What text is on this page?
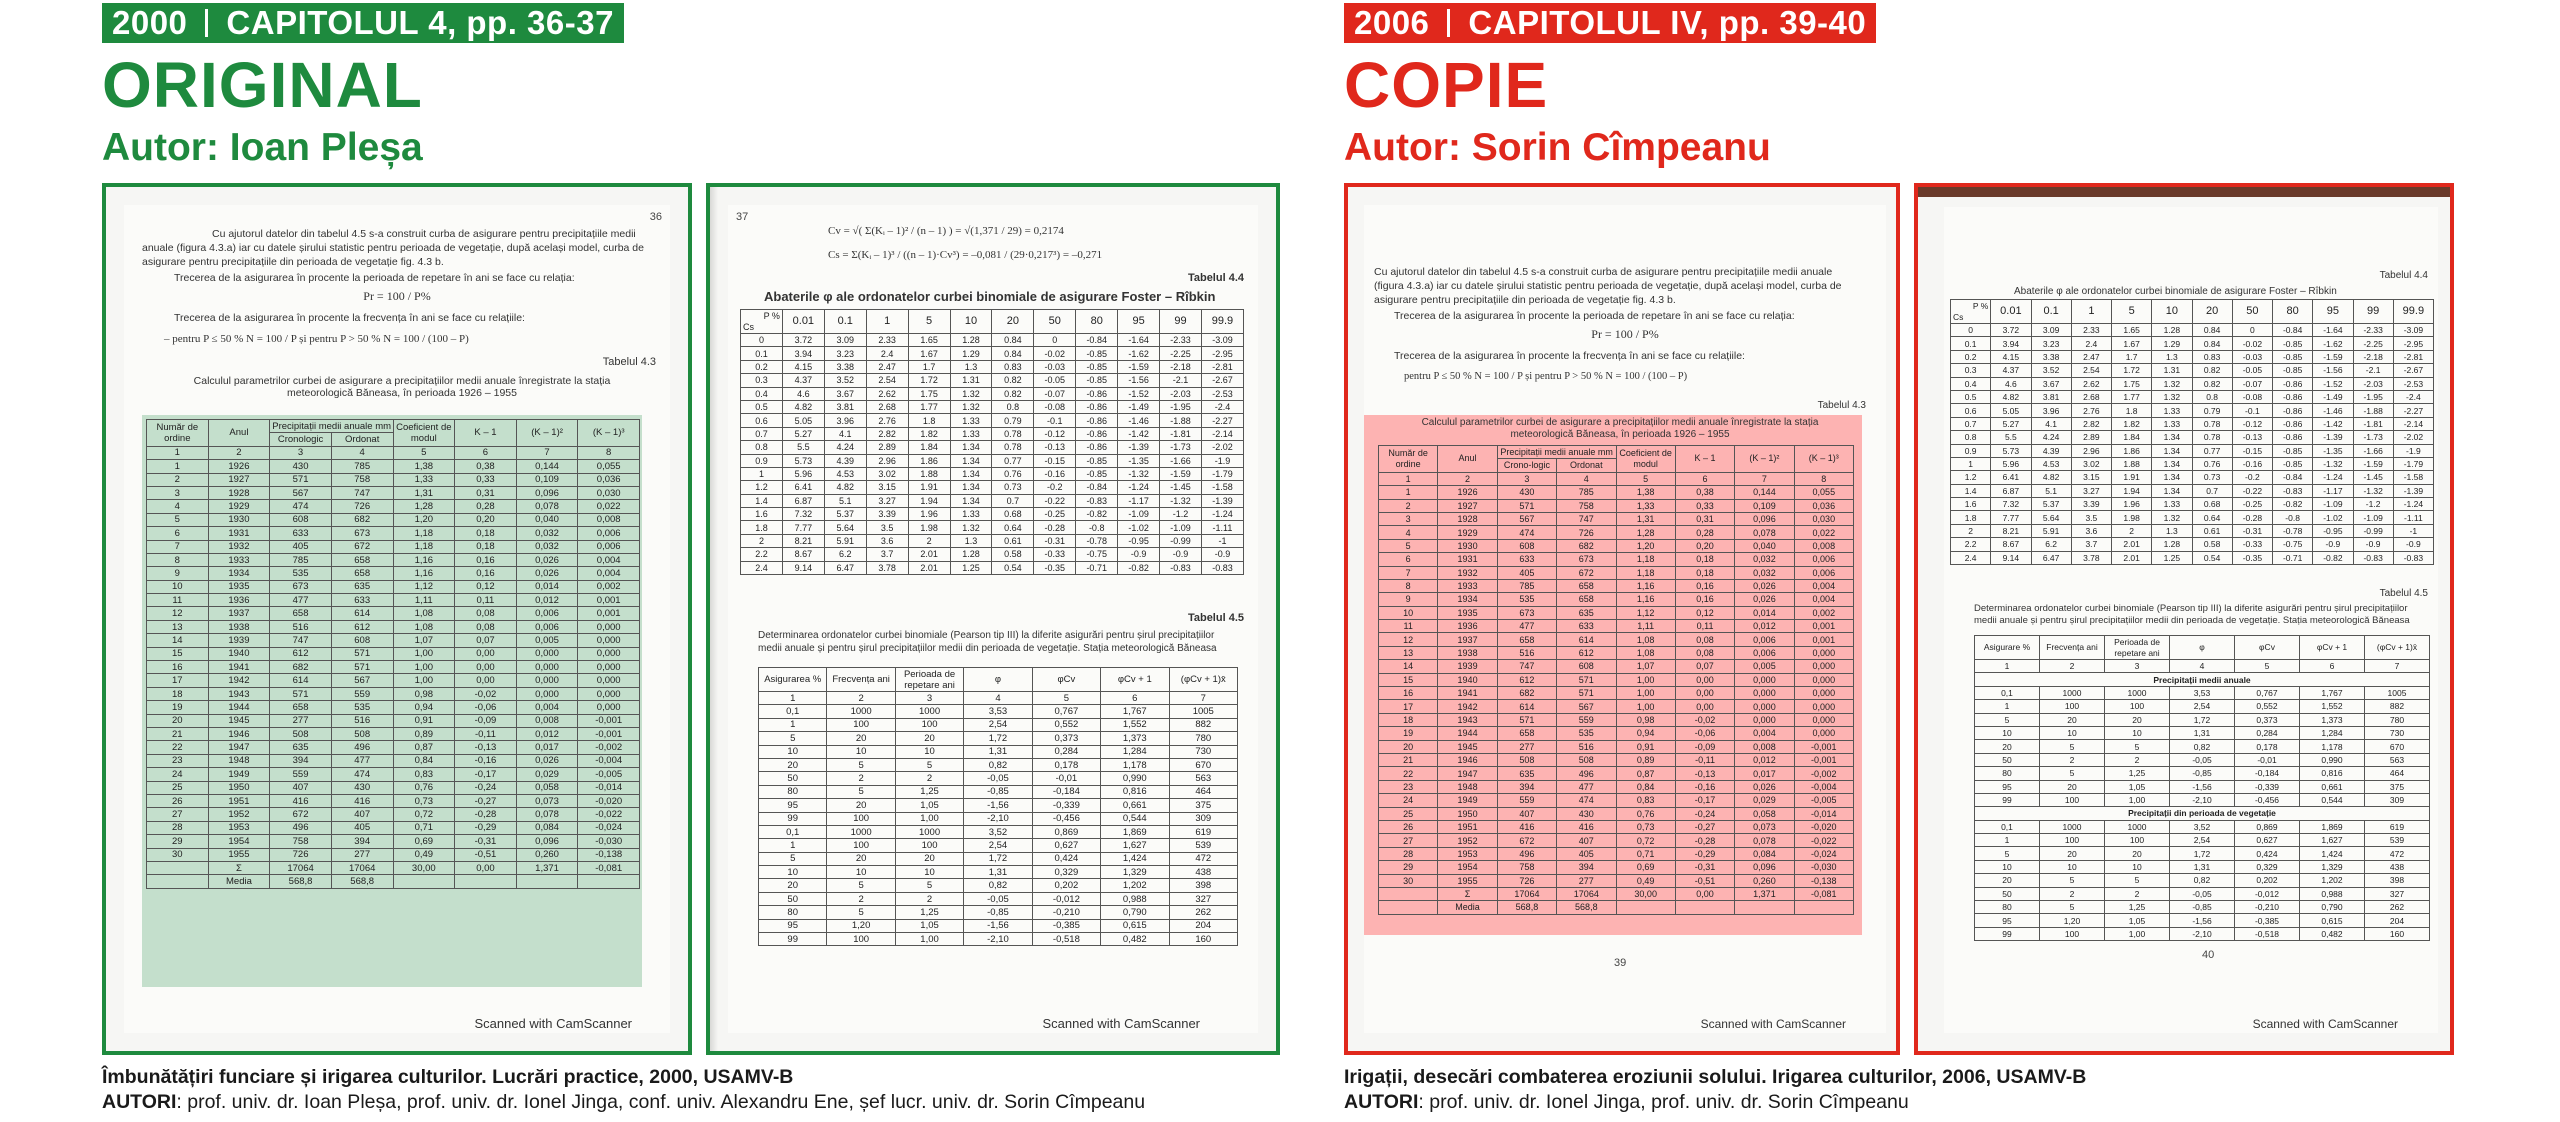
2000 CAPITOLUL 4, pp. 36-37
ORIGINAL
Autor: Ioan Pleșa
36
Cu ajutorul datelor din tabelul 4.5 s-a construit curba de asigurare pentru precipitațiile medii anuale (figura 4.3.a) iar cu datele șirului statistic pentru perioada de vegetație, după același model, curba de asigurare pentru precipitațiile din perioada de vegetație fig. 4.3 b.
Trecerea de la asigurarea în procente la perioada de repetare în ani se face cu relația:
Pr = 100 / P%
Trecerea de la asigurarea în procente la frecvența în ani se face cu relațiile:
– pentru P ≤ 50 % N = 100 / P și pentru P > 50 % N = 100 / (100 – P)
Tabelul 4.3
Calculul parametrilor curbei de asigurare a precipitațiilor medii anuale înregistrate la stația meteorologică Băneasa, în perioada 1926 – 1955
Număr de ordine	Anul	Precipitații medii anuale mm		Coeficient de modul	K – 1	(K – 1)²	(K – 1)³
		Cronologic	Ordonat				
1	2	3	4	5	6	7	8
1	1926	430	785	1,38	0,38	0,144	0,055
2	1927	571	758	1,33	0,33	0,109	0,036
3	1928	567	747	1,31	0,31	0,096	0,030
4	1929	474	726	1,28	0,28	0,078	0,022
5	1930	608	682	1,20	0,20	0,040	0,008
6	1931	633	673	1,18	0,18	0,032	0,006
7	1932	405	672	1,18	0,18	0,032	0,006
8	1933	785	658	1,16	0,16	0,026	0,004
9	1934	535	658	1,16	0,16	0,026	0,004
10	1935	673	635	1,12	0,12	0,014	0,002
11	1936	477	633	1,11	0,11	0,012	0,001
12	1937	658	614	1,08	0,08	0,006	0,001
13	1938	516	612	1,08	0,08	0,006	0,000
14	1939	747	608	1,07	0,07	0,005	0,000
15	1940	612	571	1,00	0,00	0,000	0,000
16	1941	682	571	1,00	0,00	0,000	0,000
17	1942	614	567	1,00	0,00	0,000	0,000
18	1943	571	559	0,98	-0,02	0,000	0,000
19	1944	658	535	0,94	-0,06	0,004	0,000
20	1945	277	516	0,91	-0,09	0,008	-0,001
21	1946	508	508	0,89	-0,11	0,012	-0,001
22	1947	635	496	0,87	-0,13	0,017	-0,002
23	1948	394	477	0,84	-0,16	0,026	-0,004
24	1949	559	474	0,83	-0,17	0,029	-0,005
25	1950	407	430	0,76	-0,24	0,058	-0,014
26	1951	416	416	0,73	-0,27	0,073	-0,020
27	1952	672	407	0,72	-0,28	0,078	-0,022
28	1953	496	405	0,71	-0,29	0,084	-0,024
29	1954	758	394	0,69	-0,31	0,096	-0,030
30	1955	726	277	0,49	-0,51	0,260	-0,138
	Σ	17064	17064	30,00	0,00	1,371	-0,081
	Media	568,8	568,8				
Scanned with CamScanner
37
Cv = √( Σ(Kᵢ – 1)² / (n – 1) ) = √(1,371 / 29) = 0,2174
Cs = Σ(Kᵢ – 1)³ / ((n – 1)·Cv³) = –0,081 / (29·0,217³) = –0,271
Tabelul 4.4
Abaterile φ ale ordonatelor curbei binomiale de asigurare Foster – Rîbkin
P %
Cs	0.01	0.1	1	5	10	20	50	80	95	99	99.9
0	3.72	3.09	2.33	1.65	1.28	0.84	0	-0.84	-1.64	-2.33	-3.09
0.1	3.94	3.23	2.4	1.67	1.29	0.84	-0.02	-0.85	-1.62	-2.25	-2.95
0.2	4.15	3.38	2.47	1.7	1.3	0.83	-0.03	-0.85	-1.59	-2.18	-2.81
0.3	4.37	3.52	2.54	1.72	1.31	0.82	-0.05	-0.85	-1.56	-2.1	-2.67
0.4	4.6	3.67	2.62	1.75	1.32	0.82	-0.07	-0.86	-1.52	-2.03	-2.53
0.5	4.82	3.81	2.68	1.77	1.32	0.8	-0.08	-0.86	-1.49	-1.95	-2.4
0.6	5.05	3.96	2.76	1.8	1.33	0.79	-0.1	-0.86	-1.46	-1.88	-2.27
0.7	5.27	4.1	2.82	1.82	1.33	0.78	-0.12	-0.86	-1.42	-1.81	-2.14
0.8	5.5	4.24	2.89	1.84	1.34	0.78	-0.13	-0.86	-1.39	-1.73	-2.02
0.9	5.73	4.39	2.96	1.86	1.34	0.77	-0.15	-0.85	-1.35	-1.66	-1.9
1	5.96	4.53	3.02	1.88	1.34	0.76	-0.16	-0.85	-1.32	-1.59	-1.79
1.2	6.41	4.82	3.15	1.91	1.34	0.73	-0.2	-0.84	-1.24	-1.45	-1.58
1.4	6.87	5.1	3.27	1.94	1.34	0.7	-0.22	-0.83	-1.17	-1.32	-1.39
1.6	7.32	5.37	3.39	1.96	1.33	0.68	-0.25	-0.82	-1.09	-1.2	-1.24
1.8	7.77	5.64	3.5	1.98	1.32	0.64	-0.28	-0.8	-1.02	-1.09	-1.11
2	8.21	5.91	3.6	2	1.3	0.61	-0.31	-0.78	-0.95	-0.99	-1
2.2	8.67	6.2	3.7	2.01	1.28	0.58	-0.33	-0.75	-0.9	-0.9	-0.9
2.4	9.14	6.47	3.78	2.01	1.25	0.54	-0.35	-0.71	-0.82	-0.83	-0.83
Tabelul 4.5
Determinarea ordonatelor curbei binomiale (Pearson tip III) la diferite asigurări pentru șirul precipitațiilor medii anuale și pentru șirul precipitațiilor medii din perioada de vegetație. Stația meteorologică Băneasa
Asigurarea %	Frecvența ani	Perioada de repetare ani	φ	φCv	φCv + 1	(φCv + 1)x̄
1	2	3	4	5	6	7
0,1	1000	1000	3,53	0,767	1,767	1005
1	100	100	2,54	0,552	1,552	882
5	20	20	1,72	0,373	1,373	780
10	10	10	1,31	0,284	1,284	730
20	5	5	0,82	0,178	1,178	670
50	2	2	-0,05	-0,01	0,990	563
80	5	1,25	-0,85	-0,184	0,816	464
95	20	1,05	-1,56	-0,339	0,661	375
99	100	1,00	-2,10	-0,456	0,544	309
0,1	1000	1000	3,52	0,869	1,869	619
1	100	100	2,54	0,627	1,627	539
5	20	20	1,72	0,424	1,424	472
10	10	10	1,31	0,329	1,329	438
20	5	5	0,82	0,202	1,202	398
50	2	2	-0,05	-0,012	0,988	327
80	5	1,25	-0,85	-0,210	0,790	262
95	1,20	1,05	-1,56	-0,385	0,615	204
99	100	1,00	-2,10	-0,518	0,482	160
Scanned with CamScanner
Îmbunătățiri funciare și irigarea culturilor. Lucrări practice, 2000, USAMV-B
AUTORI: prof. univ. dr. Ioan Pleșa, prof. univ. dr. Ionel Jinga, conf. univ. Alexandru Ene, șef lucr. univ. dr. Sorin Cîmpeanu
2006 CAPITOLUL IV, pp. 39-40
COPIE
Autor: Sorin Cîmpeanu
Cu ajutorul datelor din tabelul 4.5 s-a construit curba de asigurare pentru precipitațiile medii anuale (figura 4.3.a) iar cu datele șirului statistic pentru perioada de vegetație, după același model, curba de asigurare pentru precipitațiile din perioada de vegetație fig. 4.3 b.
Trecerea de la asigurarea în procente la perioada de repetare în ani se face cu relația:
Pr = 100 / P%
Trecerea de la asigurarea în procente la frecvența în ani se face cu relațiile:
pentru P ≤ 50 % N = 100 / P și pentru P > 50 % N = 100 / (100 – P)
Tabelul 4.3
Calculul parametrilor curbei de asigurare a precipitațiilor medii anuale înregistrate la stația meteorologică Băneasa, în perioada 1926 – 1955
Număr de ordine	Anul	Precipitații medii anuale mm		Coeficient de modul	K – 1	(K – 1)²	(K – 1)³
		Crono-logic	Ordonat				
1	2	3	4	5	6	7	8
1	1926	430	785	1,38	0,38	0,144	0,055
2	1927	571	758	1,33	0,33	0,109	0,036
3	1928	567	747	1,31	0,31	0,096	0,030
4	1929	474	726	1,28	0,28	0,078	0,022
5	1930	608	682	1,20	0,20	0,040	0,008
6	1931	633	673	1,18	0,18	0,032	0,006
7	1932	405	672	1,18	0,18	0,032	0,006
8	1933	785	658	1,16	0,16	0,026	0,004
9	1934	535	658	1,16	0,16	0,026	0,004
10	1935	673	635	1,12	0,12	0,014	0,002
11	1936	477	633	1,11	0,11	0,012	0,001
12	1937	658	614	1,08	0,08	0,006	0,001
13	1938	516	612	1,08	0,08	0,006	0,000
14	1939	747	608	1,07	0,07	0,005	0,000
15	1940	612	571	1,00	0,00	0,000	0,000
16	1941	682	571	1,00	0,00	0,000	0,000
17	1942	614	567	1,00	0,00	0,000	0,000
18	1943	571	559	0,98	-0,02	0,000	0,000
19	1944	658	535	0,94	-0,06	0,004	0,000
20	1945	277	516	0,91	-0,09	0,008	-0,001
21	1946	508	508	0,89	-0,11	0,012	-0,001
22	1947	635	496	0,87	-0,13	0,017	-0,002
23	1948	394	477	0,84	-0,16	0,026	-0,004
24	1949	559	474	0,83	-0,17	0,029	-0,005
25	1950	407	430	0,76	-0,24	0,058	-0,014
26	1951	416	416	0,73	-0,27	0,073	-0,020
27	1952	672	407	0,72	-0,28	0,078	-0,022
28	1953	496	405	0,71	-0,29	0,084	-0,024
29	1954	758	394	0,69	-0,31	0,096	-0,030
30	1955	726	277	0,49	-0,51	0,260	-0,138
	Σ	17064	17064	30,00	0,00	1,371	-0,081
	Media	568,8	568,8				
39
Scanned with CamScanner
Tabelul 4.4
Abaterile φ ale ordonatelor curbei binomiale de asigurare Foster – Rîbkin
P %
Cs	0.01	0.1	1	5	10	20	50	80	95	99	99.9
0	3.72	3.09	2.33	1.65	1.28	0.84	0	-0.84	-1.64	-2.33	-3.09
0.1	3.94	3.23	2.4	1.67	1.29	0.84	-0.02	-0.85	-1.62	-2.25	-2.95
0.2	4.15	3.38	2.47	1.7	1.3	0.83	-0.03	-0.85	-1.59	-2.18	-2.81
0.3	4.37	3.52	2.54	1.72	1.31	0.82	-0.05	-0.85	-1.56	-2.1	-2.67
0.4	4.6	3.67	2.62	1.75	1.32	0.82	-0.07	-0.86	-1.52	-2.03	-2.53
0.5	4.82	3.81	2.68	1.77	1.32	0.8	-0.08	-0.86	-1.49	-1.95	-2.4
0.6	5.05	3.96	2.76	1.8	1.33	0.79	-0.1	-0.86	-1.46	-1.88	-2.27
0.7	5.27	4.1	2.82	1.82	1.33	0.78	-0.12	-0.86	-1.42	-1.81	-2.14
0.8	5.5	4.24	2.89	1.84	1.34	0.78	-0.13	-0.86	-1.39	-1.73	-2.02
0.9	5.73	4.39	2.96	1.86	1.34	0.77	-0.15	-0.85	-1.35	-1.66	-1.9
1	5.96	4.53	3.02	1.88	1.34	0.76	-0.16	-0.85	-1.32	-1.59	-1.79
1.2	6.41	4.82	3.15	1.91	1.34	0.73	-0.2	-0.84	-1.24	-1.45	-1.58
1.4	6.87	5.1	3.27	1.94	1.34	0.7	-0.22	-0.83	-1.17	-1.32	-1.39
1.6	7.32	5.37	3.39	1.96	1.33	0.68	-0.25	-0.82	-1.09	-1.2	-1.24
1.8	7.77	5.64	3.5	1.98	1.32	0.64	-0.28	-0.8	-1.02	-1.09	-1.11
2	8.21	5.91	3.6	2	1.3	0.61	-0.31	-0.78	-0.95	-0.99	-1
2.2	8.67	6.2	3.7	2.01	1.28	0.58	-0.33	-0.75	-0.9	-0.9	-0.9
2.4	9.14	6.47	3.78	2.01	1.25	0.54	-0.35	-0.71	-0.82	-0.83	-0.83
Tabelul 4.5
Determinarea ordonatelor curbei binomiale (Pearson tip III) la diferite asigurări pentru șirul precipitațiilor medii anuale și pentru șirul precipitațiilor medii din perioada de vegetație. Stația meteorologică Băneasa
Asigurare %	Frecvența ani	Perioada de repetare ani	φ	φCv	φCv + 1	(φCv + 1)x̄
1	2	3	4	5	6	7
Precipitații medii anuale						
0,1	1000	1000	3,53	0,767	1,767	1005
1	100	100	2,54	0,552	1,552	882
5	20	20	1,72	0,373	1,373	780
10	10	10	1,31	0,284	1,284	730
20	5	5	0,82	0,178	1,178	670
50	2	2	-0,05	-0,01	0,990	563
80	5	1,25	-0,85	-0,184	0,816	464
95	20	1,05	-1,56	-0,339	0,661	375
99	100	1,00	-2,10	-0,456	0,544	309
Precipitații din perioada de vegetație						
0,1	1000	1000	3,52	0,869	1,869	619
1	100	100	2,54	0,627	1,627	539
5	20	20	1,72	0,424	1,424	472
10	10	10	1,31	0,329	1,329	438
20	5	5	0,82	0,202	1,202	398
50	2	2	-0,05	-0,012	0,988	327
80	5	1,25	-0,85	-0,210	0,790	262
95	1,20	1,05	-1,56	-0,385	0,615	204
99	100	1,00	-2,10	-0,518	0,482	160
40
Scanned with CamScanner
Irigații, desecări combaterea eroziunii solului. Irigarea culturilor, 2006, USAMV-B
AUTORI: prof. univ. dr. Ionel Jinga, prof. univ. dr. Sorin Cîmpeanu
